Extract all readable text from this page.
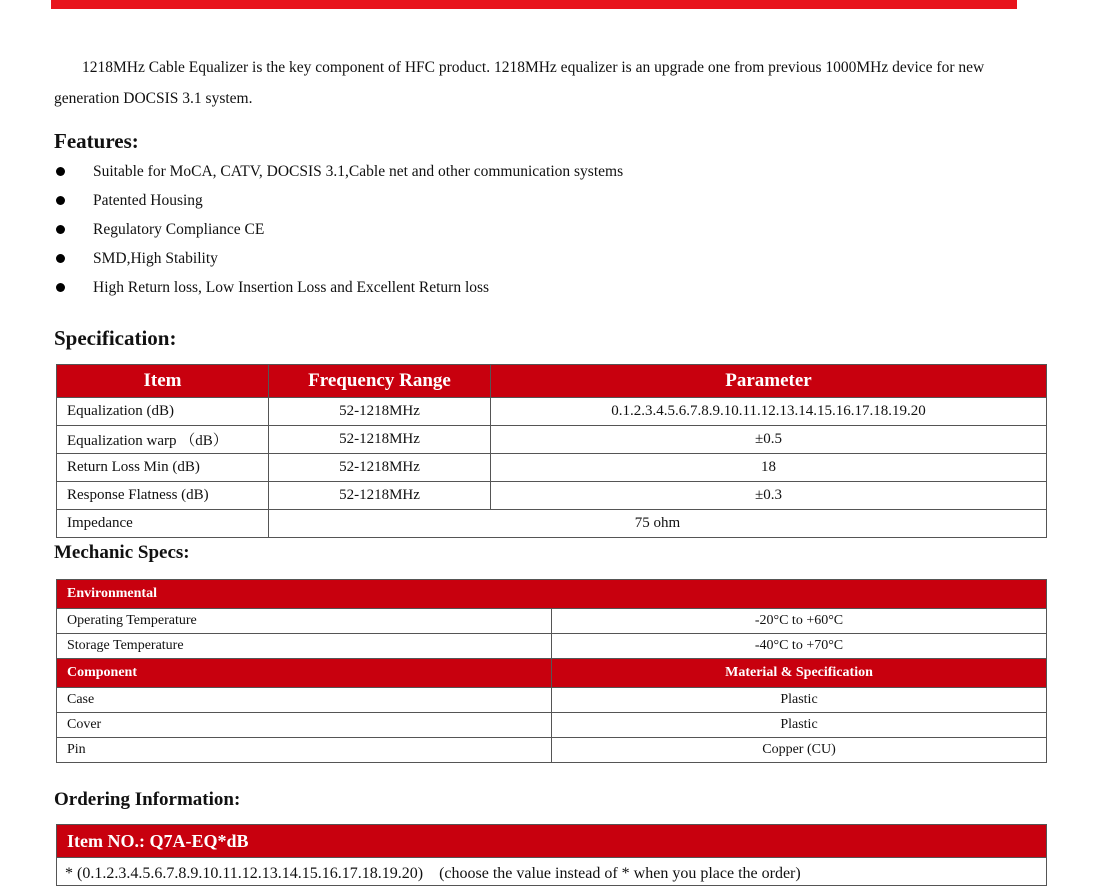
1218MHz Cable Equalizer is the key component of HFC product. 1218MHz equalizer is an upgrade one from previous 1000MHz device for new generation DOCSIS 3.1 system.

Features:
Suitable for MoCA, CATV, DOCSIS 3.1,Cable net and other communication systems
Patented Housing
Regulatory Compliance CE
SMD,High Stability
High Return loss, Low Insertion Loss and Excellent Return loss
Specification:
Item	Frequency Range	Parameter
Equalization (dB)	52-1218MHz	0.1.2.3.4.5.6.7.8.9.10.11.12.13.14.15.16.17.18.19.20
Equalization warp （dB）	52-1218MHz	±0.5
Return Loss Min (dB)	52-1218MHz	18
Response Flatness (dB)	52-1218MHz	±0.3
Impedance	75 ohm	
Mechanic Specs:
Environmental	
Operating Temperature	-20°C to +60°C
Storage Temperature	-40°C to +70°C
Component	Material & Specification
Case	Plastic
Cover	Plastic
Pin	Copper (CU)
Ordering Information:
Item NO.: Q7A-EQ*dB
* (0.1.2.3.4.5.6.7.8.9.10.11.12.13.14.15.16.17.18.19.20)　(choose the value instead of * when you place the order)
